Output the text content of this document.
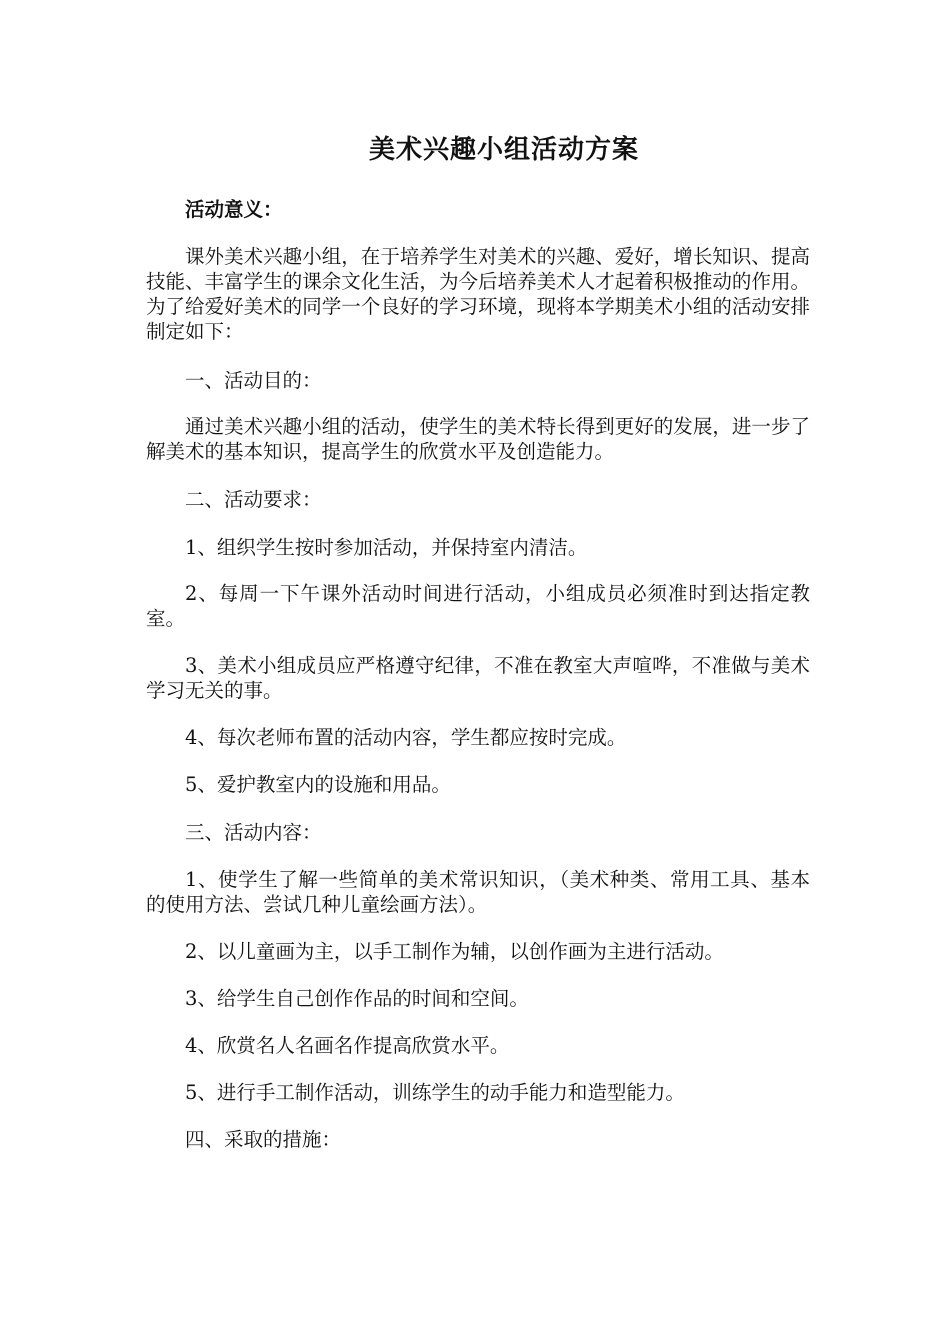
美术兴趣小组活动方案

活动意义：

课外美术兴趣小组，在于培养学生对美术的兴趣、爱好，增长知识、提高技能、丰富学生的课余文化生活，为今后培养美术人才起着积极推动的作用。为了给爱好美术的同学一个良好的学习环境，现将本学期美术小组的活动安排制定如下：

一、活动目的：

通过美术兴趣小组的活动，使学生的美术特长得到更好的发展，进一步了解美术的基本知识，提高学生的欣赏水平及创造能力。

二、活动要求：

1、组织学生按时参加活动，并保持室内清洁。

2、每周一下午课外活动时间进行活动，小组成员必须准时到达指定教室。

3、美术小组成员应严格遵守纪律，不准在教室大声喧哗，不准做与美术学习无关的事。

4、每次老师布置的活动内容，学生都应按时完成。

5、爱护教室内的设施和用品。

三、活动内容：

1、使学生了解一些简单的美术常识知识，（美术种类、常用工具、基本的使用方法、尝试几种儿童绘画方法）。

2、以儿童画为主，以手工制作为辅，以创作画为主进行活动。

3、给学生自己创作作品的时间和空间。

4、欣赏名人名画名作提高欣赏水平。

5、进行手工制作活动，训练学生的动手能力和造型能力。

四、采取的措施：
